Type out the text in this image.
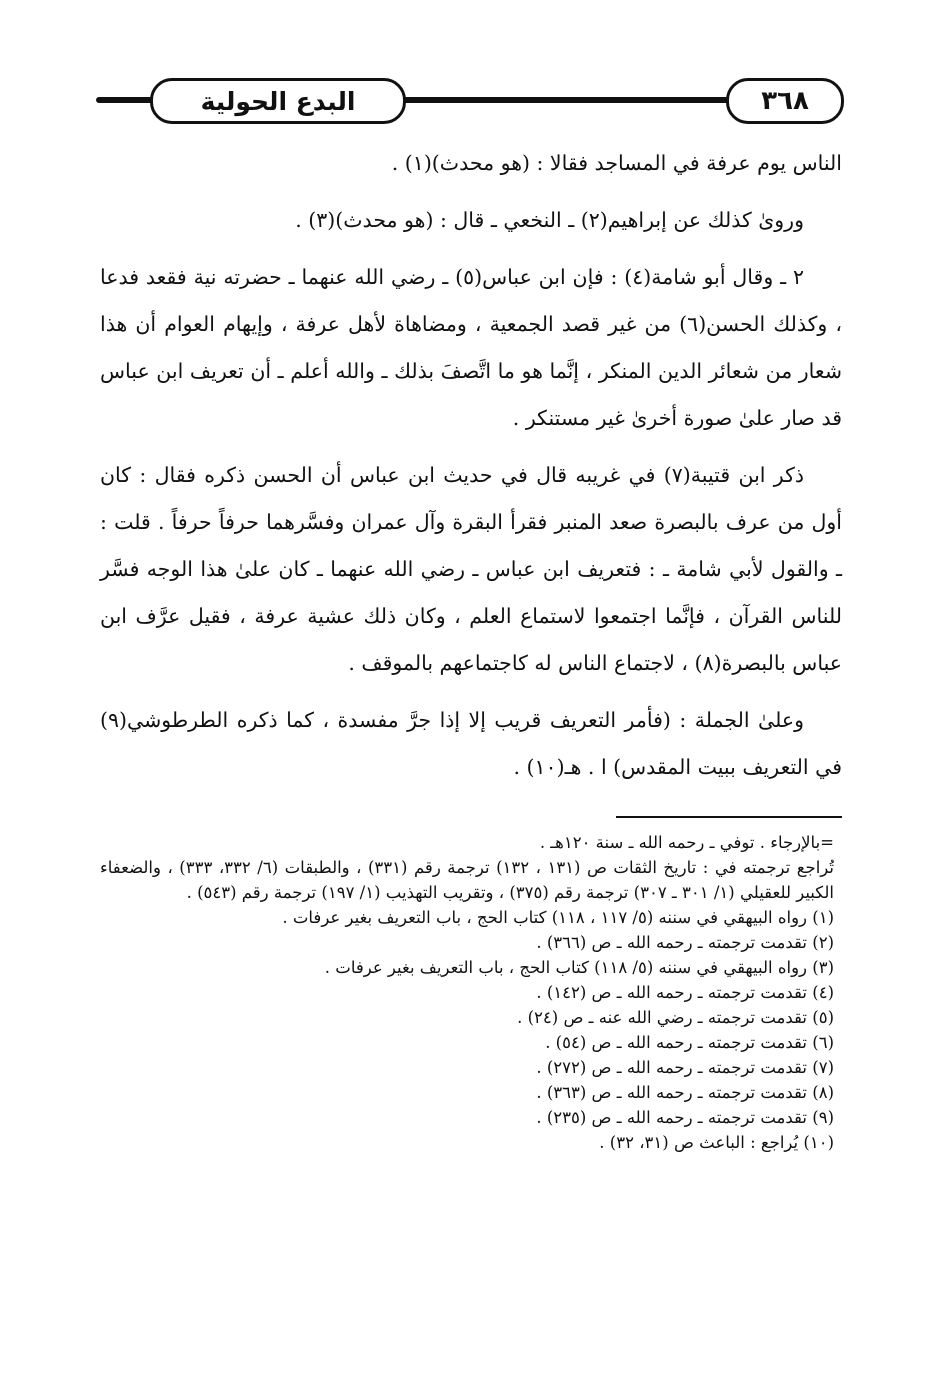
البدع الحولية	٣٦٨

الناس يوم عرفة في المساجد فقالا : (هو محدث)(١) .

وروىٰ كذلك عن إبراهيم(٢) ـ النخعي ـ قال : (هو محدث)(٣) .

٢ ـ وقال أبو شامة(٤) : فإن ابن عباس(٥) ـ رضي الله عنهما ـ حضرته نية فقعد فدعا ، وكذلك الحسن(٦) من غير قصد الجمعية ، ومضاهاة لأهل عرفة ، وإيهام العوام أن هذا شعار من شعائر الدين المنكر ، إنَّما هو ما اتَّصفَ بذلك ـ والله أعلم ـ أن تعريف ابن عباس قد صار علىٰ صورة أخرىٰ غير مستنكر .

ذكر ابن قتيبة(٧) في غريبه قال في حديث ابن عباس أن الحسن ذكره فقال : كان أول من عرف بالبصرة صعد المنبر فقرأ البقرة وآل عمران وفسَّرهما حرفاً حرفاً . قلت : ـ والقول لأبي شامة ـ : فتعريف ابن عباس ـ رضي الله عنهما ـ كان علىٰ هذا الوجه فسَّر للناس القرآن ، فإنَّما اجتمعوا لاستماع العلم ، وكان ذلك عشية عرفة ، فقيل عرَّف ابن عباس بالبصرة(٨) ، لاجتماع الناس له كاجتماعهم بالموقف .

وعلىٰ الجملة : (فأمر التعريف قريب إلا إذا جرَّ مفسدة ، كما ذكره الطرطوشي(٩) في التعريف ببيت المقدس) ا . هـ(١٠) .

=بالإرجاء . توفي ـ رحمه الله ـ سنة ١٢٠هـ .

تُراجع ترجمته في : تاريخ الثقات ص (١٣١ ، ١٣٢) ترجمة رقم (٣٣١) ، والطبقات (٦/ ٣٣٢، ٣٣٣) ، والضعفاء الكبير للعقيلي (١/ ٣٠١ ـ ٣٠٧) ترجمة رقم (٣٧٥) ، وتقريب التهذيب (١/ ١٩٧) ترجمة رقم (٥٤٣) .

(١) رواه البيهقي في سننه (٥/ ١١٧ ، ١١٨) كتاب الحج ، باب التعريف بغير عرفات .

(٢) تقدمت ترجمته ـ رحمه الله ـ ص (٣٦٦) .

(٣) رواه البيهقي في سننه (٥/ ١١٨) كتاب الحج ، باب التعريف بغير عرفات .

(٤) تقدمت ترجمته ـ رحمه الله ـ ص (١٤٢) .

(٥) تقدمت ترجمته ـ رضي الله عنه ـ ص (٢٤) .

(٦) تقدمت ترجمته ـ رحمه الله ـ ص (٥٤) .

(٧) تقدمت ترجمته ـ رحمه الله ـ ص (٢٧٢) .

(٨) تقدمت ترجمته ـ رحمه الله ـ ص (٣٦٣) .

(٩) تقدمت ترجمته ـ رحمه الله ـ ص (٢٣٥) .

(١٠) يُراجع : الباعث ص (٣١، ٣٢) .
